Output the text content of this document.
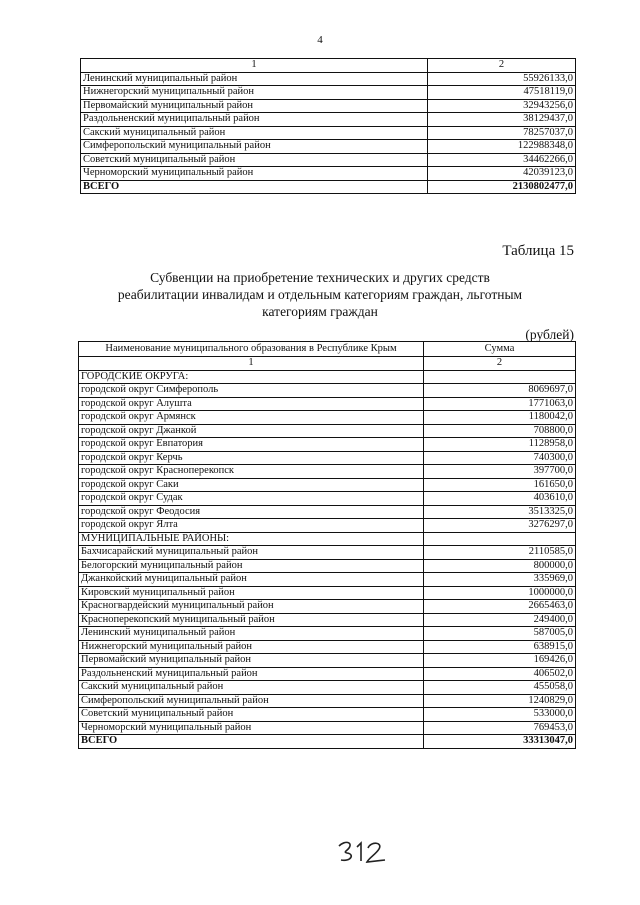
4
1	2
Ленинский муниципальный район	55926133,0
Нижнегорский муниципальный район	47518119,0
Первомайский муниципальный район	32943256,0
Раздольненский муниципальный район	38129437,0
Сакский муниципальный район	78257037,0
Симферопольский муниципальный район	122988348,0
Советский муниципальный район	34462266,0
Черноморский муниципальный район	42039123,0
ВСЕГО	2130802477,0
Таблица 15
Субвенции на приобретение технических и других средств
реабилитации инвалидам и отдельным категориям граждан, льготным
категориям граждан
(рублей)
Наименование муниципального образования в Республике Крым	Сумма
1	2
ГОРОДСКИЕ ОКРУГА:	
городской округ Симферополь	8069697,0
городской округ Алушта	1771063,0
городской округ Армянск	1180042,0
городской округ Джанкой	708800,0
городской округ Евпатория	1128958,0
городской округ Керчь	740300,0
городской округ Красноперекопск	397700,0
городской округ Саки	161650,0
городской округ Судак	403610,0
городской округ Феодосия	3513325,0
городской округ Ялта	3276297,0
МУНИЦИПАЛЬНЫЕ РАЙОНЫ:	
Бахчисарайский муниципальный район	2110585,0
Белогорский муниципальный район	800000,0
Джанкойский муниципальный район	335969,0
Кировский муниципальный район	1000000,0
Красногвардейский муниципальный район	2665463,0
Красноперекопский муниципальный район	249400,0
Ленинский муниципальный район	587005,0
Нижнегорский муниципальный район	638915,0
Первомайский муниципальный район	169426,0
Раздольненский муниципальный район	406502,0
Сакский муниципальный район	455058,0
Симферопольский муниципальный район	1240829,0
Советский муниципальный район	533000,0
Черноморский муниципальный район	769453,0
ВСЕГО	33313047,0
